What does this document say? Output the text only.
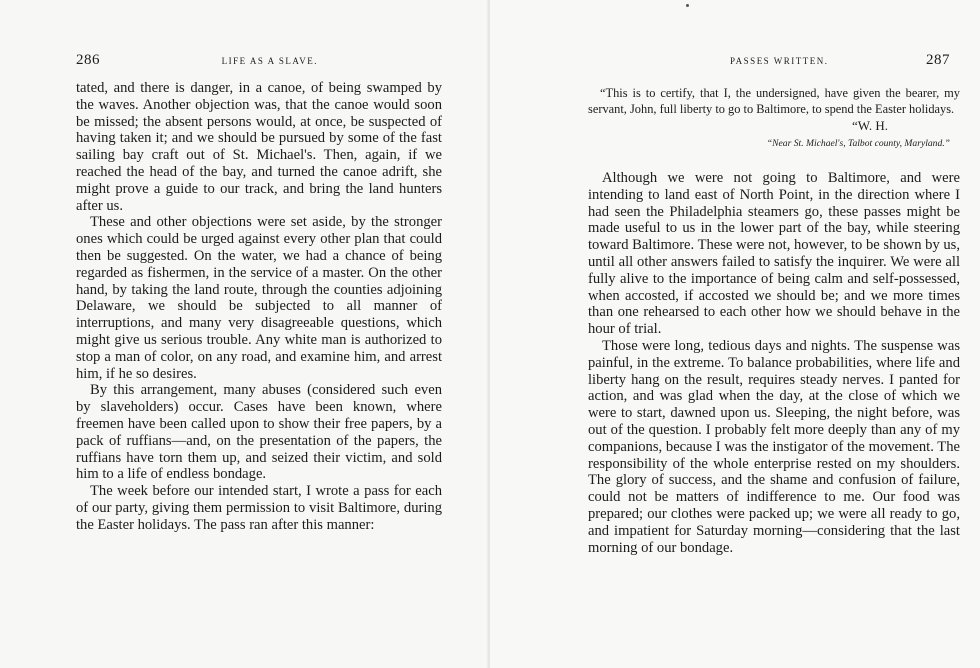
286	LIFE AS A SLAVE.

tated, and there is danger, in a canoe, of being swamped by the waves. Another objection was, that the canoe would soon be missed; the absent persons would, at once, be suspected of having taken it; and we should be pursued by some of the fast sailing bay craft out of St. Michael's. Then, again, if we reached the head of the bay, and turned the canoe adrift, she might prove a guide to our track, and bring the land hunters after us.

These and other objections were set aside, by the stronger ones which could be urged against every other plan that could then be suggested. On the water, we had a chance of being regarded as fishermen, in the service of a master. On the other hand, by taking the land route, through the counties adjoining Delaware, we should be subjected to all manner of interruptions, and many very disagreeable questions, which might give us serious trouble. Any white man is authorized to stop a man of color, on any road, and examine him, and arrest him, if he so desires.

By this arrangement, many abuses (considered such even by slaveholders) occur. Cases have been known, where freemen have been called upon to show their free papers, by a pack of ruffians—and, on the presentation of the papers, the ruffians have torn them up, and seized their victim, and sold him to a life of endless bondage.

The week before our intended start, I wrote a pass for each of our party, giving them permission to visit Baltimore, during the Easter holidays. The pass ran after this manner:

PASSES WRITTEN.	287

“This is to certify, that I, the undersigned, have given the bearer, my servant, John, full liberty to go to Baltimore, to spend the Easter holidays.

“W. H.
“Near St. Michael's, Talbot county, Maryland.”

Although we were not going to Baltimore, and were intending to land east of North Point, in the direction where I had seen the Philadelphia steamers go, these passes might be made useful to us in the lower part of the bay, while steering toward Baltimore. These were not, however, to be shown by us, until all other answers failed to satisfy the inquirer. We were all fully alive to the importance of being calm and self-possessed, when accosted, if accosted we should be; and we more times than one rehearsed to each other how we should behave in the hour of trial.

Those were long, tedious days and nights. The suspense was painful, in the extreme. To balance probabilities, where life and liberty hang on the result, requires steady nerves. I panted for action, and was glad when the day, at the close of which we were to start, dawned upon us. Sleeping, the night before, was out of the question. I probably felt more deeply than any of my companions, because I was the instigator of the movement. The responsibility of the whole enterprise rested on my shoulders. The glory of success, and the shame and confusion of failure, could not be matters of indifference to me. Our food was prepared; our clothes were packed up; we were all ready to go, and impatient for Saturday morning—considering that the last morning of our bondage.
